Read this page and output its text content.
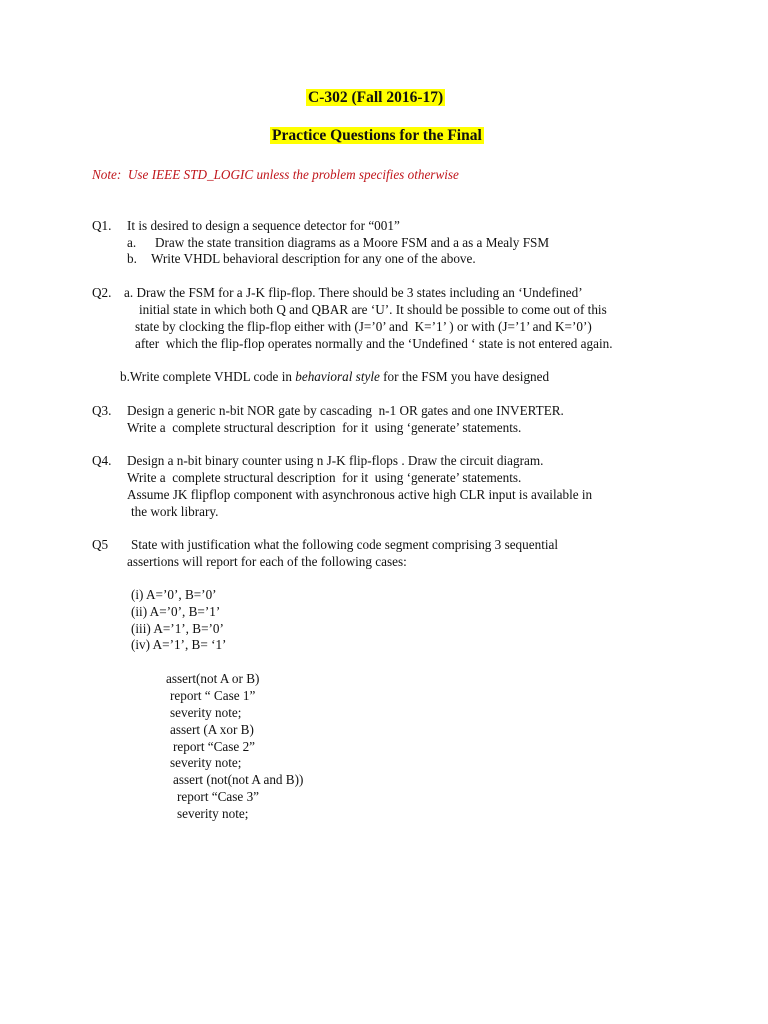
C-302 (Fall 2016-17)
Practice Questions for the Final
Note:  Use IEEE STD_LOGIC unless the problem specifies otherwise
Q1. It is desired to design a sequence detector for “001”
a. Draw the state transition diagrams as a Moore FSM and a as a Mealy FSM
b. Write VHDL behavioral description for any one of the above.
Q2. a. Draw the FSM for a J-K flip-flop. There should be 3 states including an ‘Undefined’
initial state in which both Q and QBAR are ‘U’. It should be possible to come out of this
state by clocking the flip-flop either with (J=’0’ and  K=’1’ ) or with (J=’1’ and K=’0’)
after  which the flip-flop operates normally and the ‘Undefined ‘ state is not entered again.
b.Write complete VHDL code in behavioral style for the FSM you have designed
Q3. Design a generic n-bit NOR gate by cascading  n-1 OR gates and one INVERTER.
Write a  complete structural description  for it  using ‘generate’ statements.
Q4. Design a n-bit binary counter using n J-K flip-flops . Draw the circuit diagram.
Write a  complete structural description  for it  using ‘generate’ statements.
Assume JK flipflop component with asynchronous active high CLR input is available in
the work library.
Q5 State with justification what the following code segment comprising 3 sequential
assertions will report for each of the following cases:
(i) A=’0’, B=’0’
(ii) A=’0’, B=’1’
(iii) A=’1’, B=’0’
(iv) A=’1’, B= ‘1’
assert(not A or B)
report “ Case 1”
severity note;
assert (A xor B)
report “Case 2”
severity note;
assert (not(not A and B))
report “Case 3”
severity note;
